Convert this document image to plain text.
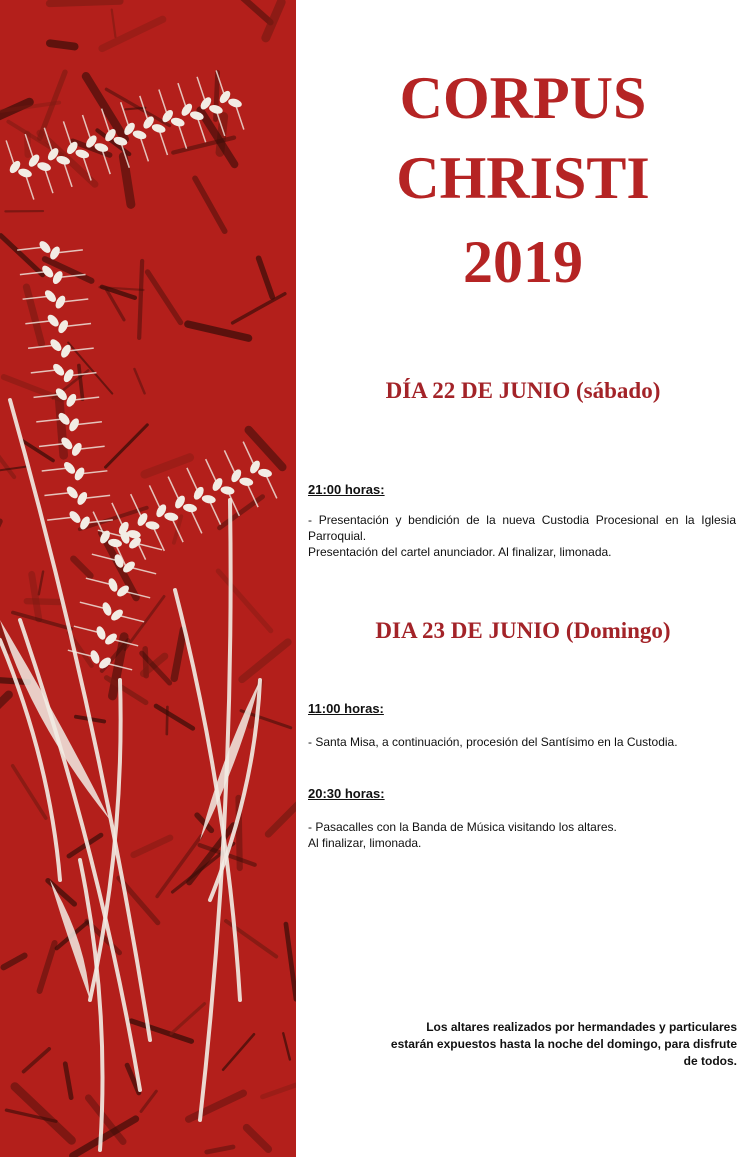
CORPUS
CHRISTI
2019
DÍA 22 DE JUNIO (sábado)
21:00 horas:

- Presentación y bendición de la nueva Custodia Procesional en la Iglesia Parroquial.

Presentación del cartel anunciador. Al finalizar, limonada.

DIA 23 DE JUNIO (Domingo)
11:00 horas:

- Santa Misa, a continuación, procesión del Santísimo en la Custodia.

20:30 horas:

- Pasacalles con la Banda de Música visitando los altares.

Al finalizar, limonada.

Los altares realizados por hermandades y particulares
estarán expuestos hasta la noche del domingo, para disfrute
de todos.
